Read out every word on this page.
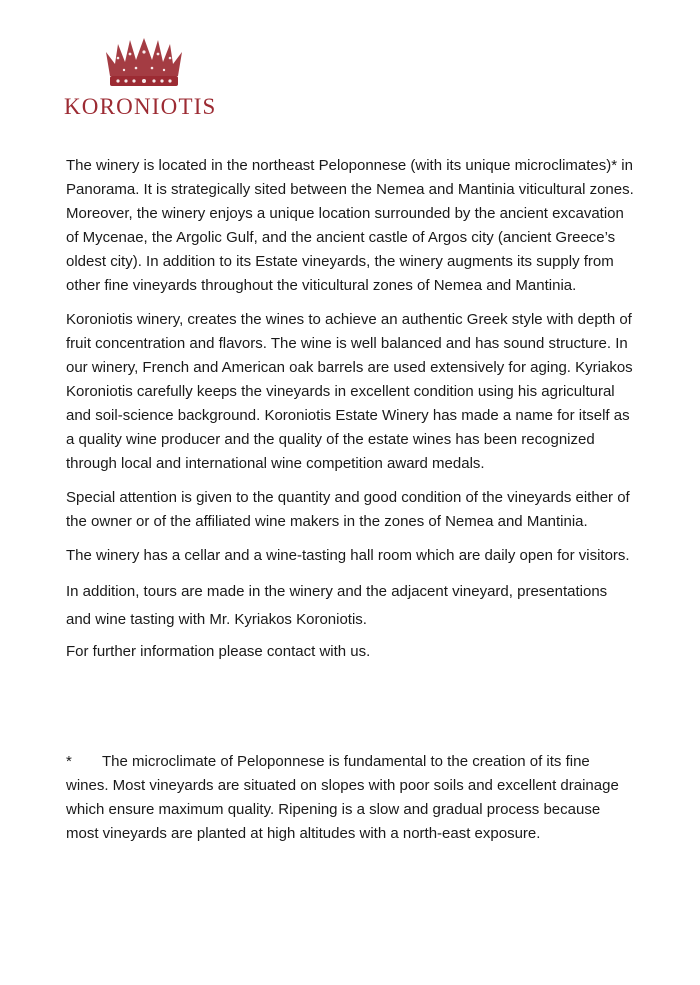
KORONIOTIS

The winery is located in the northeast Peloponnese (with its unique microclimates)* in Panorama. It is strategically sited between the Nemea and Mantinia viticultural zones. Moreover, the winery enjoys a unique location surrounded by the ancient excavation of Mycenae, the Argolic Gulf, and the ancient castle of Argos city (ancient Greece’s oldest city). In addition to its Estate vineyards, the winery augments its supply from other fine vineyards throughout the viticultural zones of Nemea and Mantinia.

Koroniotis winery, creates the wines to achieve an authentic Greek style with depth of fruit concentration and flavors. The wine is well balanced and has sound structure. In our winery, French and American oak barrels are used extensively for aging. Kyriakos Koroniotis carefully keeps the vineyards in excellent condition using his agricultural and soil-science background. Koroniotis Estate Winery has made a name for itself as a quality wine producer and the quality of the estate wines has been recognized through local and international wine competition award medals.

Special attention is given to the quantity and good condition of the vineyards either of the owner or of the affiliated wine makers in the zones of Nemea and Mantinia.

The winery has a cellar and a wine-tasting hall room which are daily open for visitors.

In addition, tours are made in the winery and the adjacent vineyard, presentations and wine tasting with Mr. Kyriakos Koroniotis.

For further information please contact with us.

* The microclimate of Peloponnese is fundamental to the creation of its fine wines. Most vineyards are situated on slopes with poor soils and excellent drainage which ensure maximum quality. Ripening is a slow and gradual process because most vineyards are planted at high altitudes with a north-east exposure.
